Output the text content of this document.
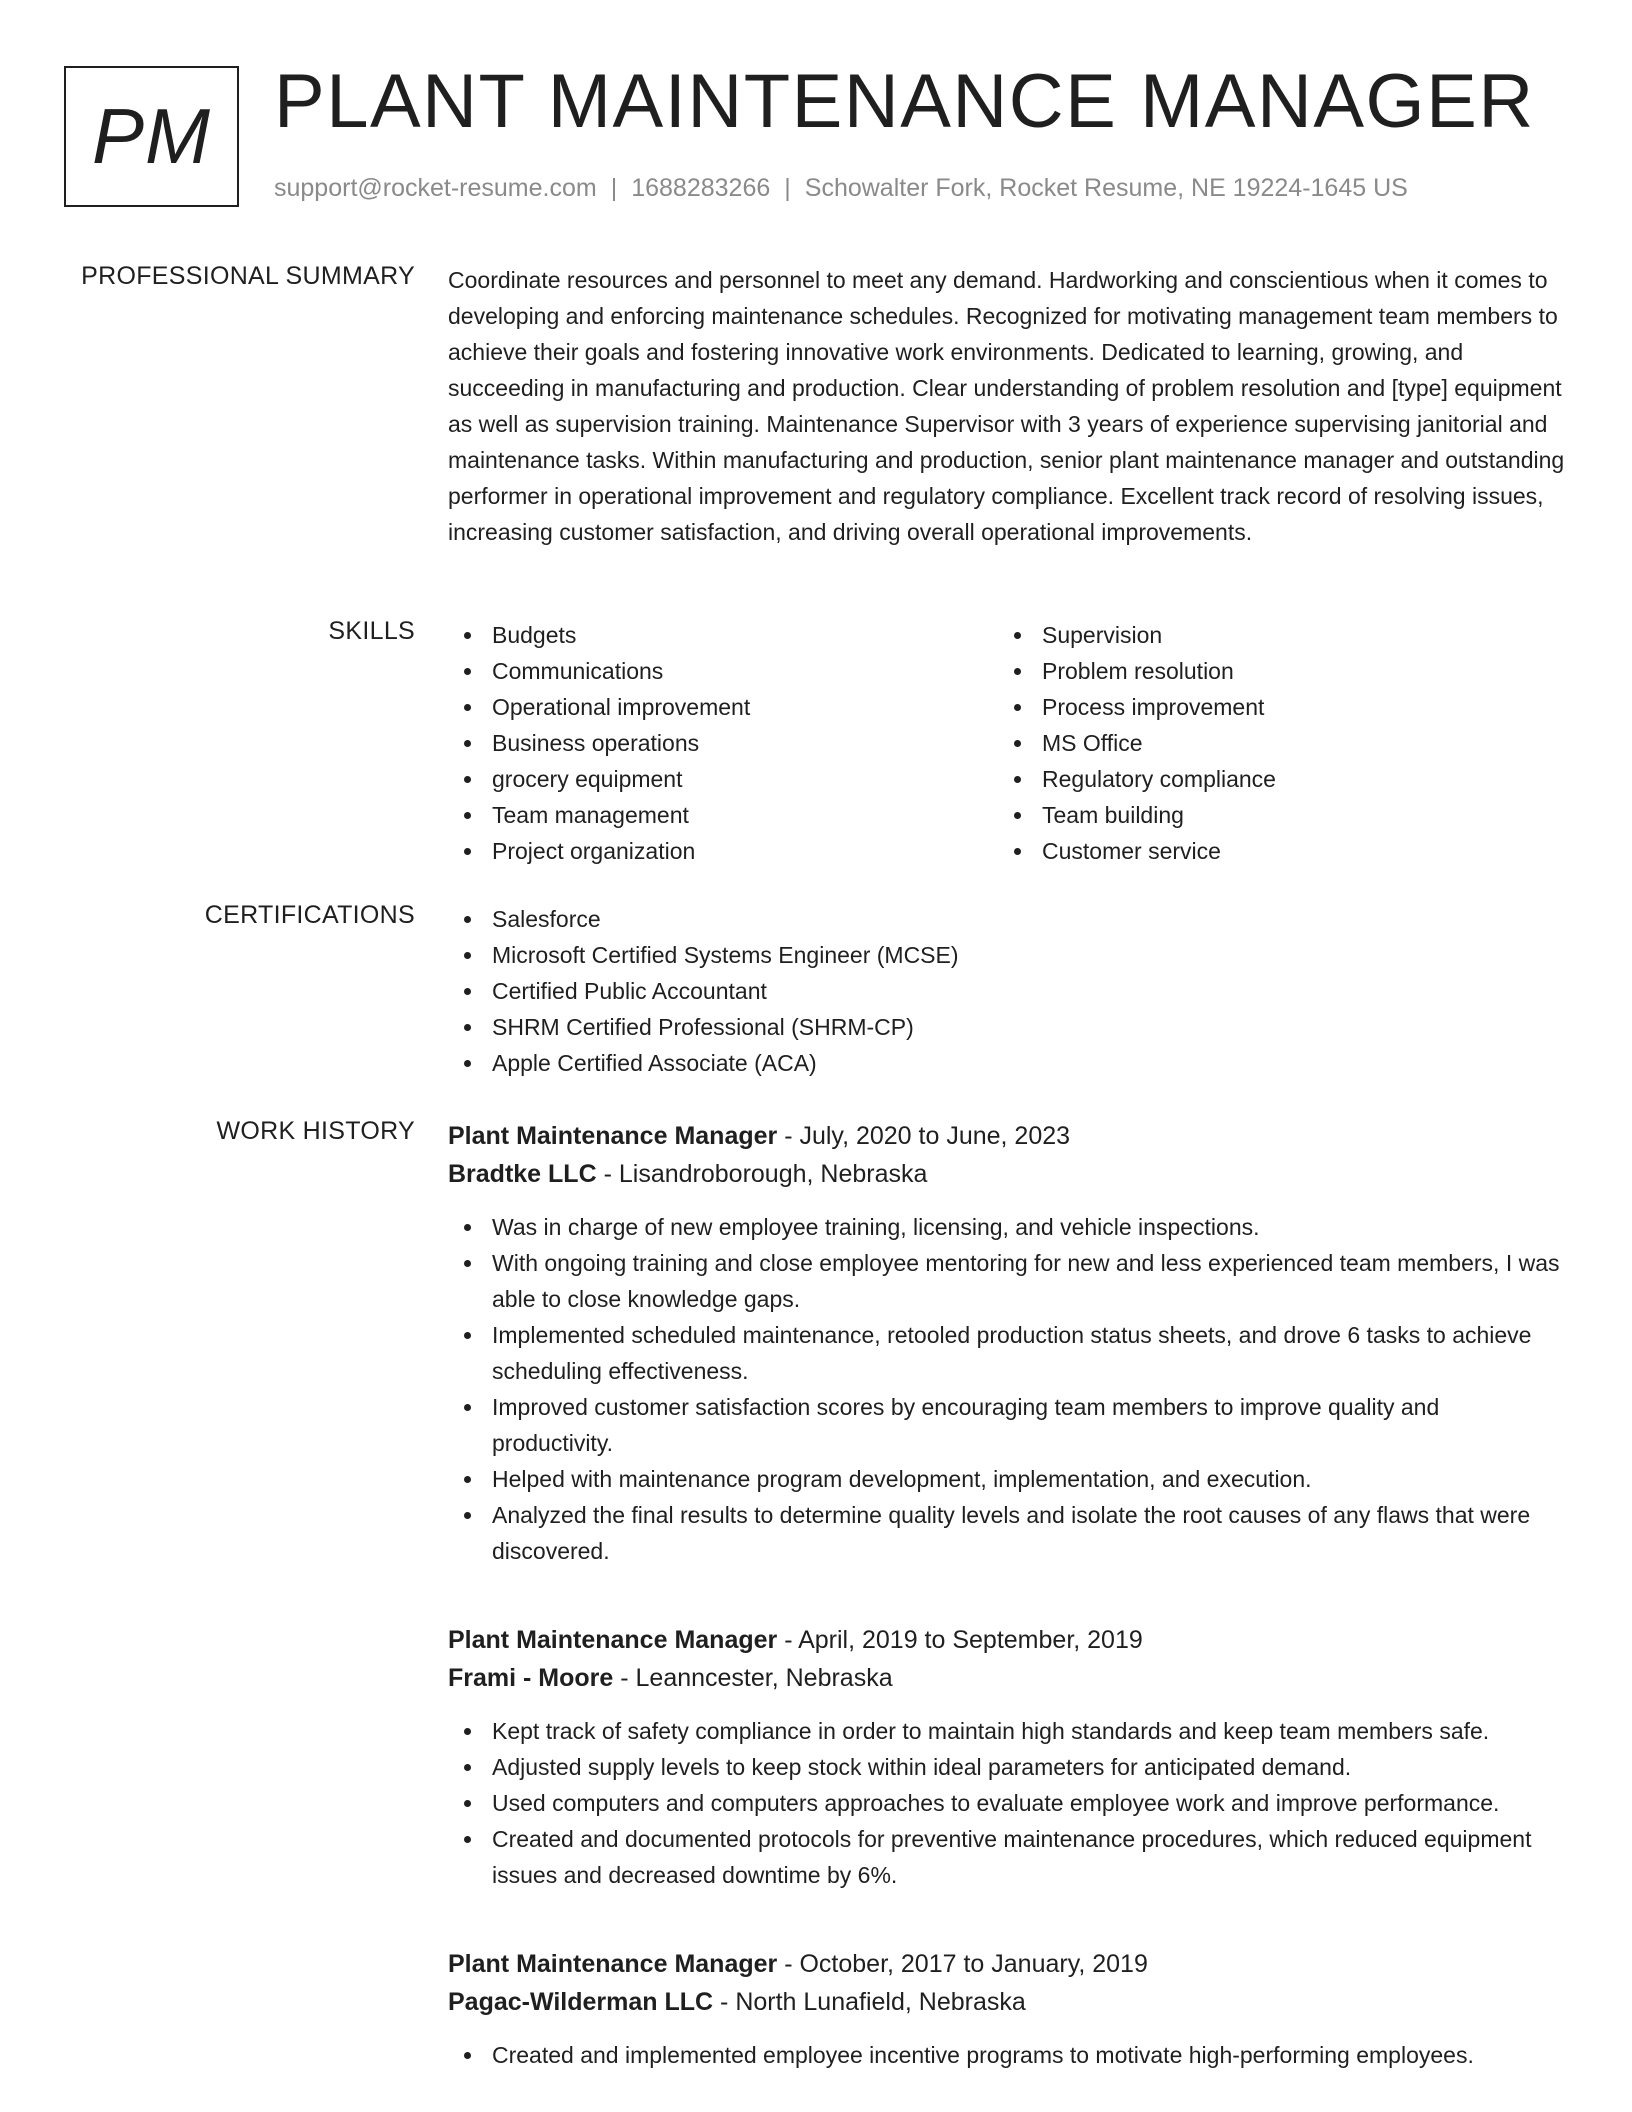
PM PLANT MAINTENANCE MANAGER
support@rocket-resume.com | 1688283266 | Schowalter Fork, Rocket Resume, NE 19224-1645 US
PROFESSIONAL SUMMARY Coordinate resources and personnel to meet any demand. Hardworking and conscientious when it comes to developing and enforcing maintenance schedules. Recognized for motivating management team members to achieve their goals and fostering innovative work environments. Dedicated to learning, growing, and succeeding in manufacturing and production. Clear understanding of problem resolution and [type] equipment as well as supervision training. Maintenance Supervisor with 3 years of experience supervising janitorial and maintenance tasks. Within manufacturing and production, senior plant maintenance manager and outstanding performer in operational improvement and regulatory compliance. Excellent track record of resolving issues, increasing customer satisfaction, and driving overall operational improvements.

SKILLS	Budgets
Communications
Operational improvement
Business operations
grocery equipment
Team management
Project organization
Supervision
Problem resolution
Process improvement
MS Office
Regulatory compliance
Team building
Customer service
CERTIFICATIONS	Salesforce
Microsoft Certified Systems Engineer (MCSE)
Certified Public Accountant
SHRM Certified Professional (SHRM-CP)
Apple Certified Associate (ACA)
WORK HISTORY Plant Maintenance Manager - July, 2020 to June, 2023
Bradtke LLC - Lisandroborough, Nebraska
Was in charge of new employee training, licensing, and vehicle inspections.
With ongoing training and close employee mentoring for new and less experienced team members, I was able to close knowledge gaps.
Implemented scheduled maintenance, retooled production status sheets, and drove 6 tasks to achieve scheduling effectiveness.
Improved customer satisfaction scores by encouraging team members to improve quality and productivity.
Helped with maintenance program development, implementation, and execution.
Analyzed the final results to determine quality levels and isolate the root causes of any flaws that were discovered.
Plant Maintenance Manager - April, 2019 to September, 2019
Frami - Moore - Leanncester, Nebraska
Kept track of safety compliance in order to maintain high standards and keep team members safe.
Adjusted supply levels to keep stock within ideal parameters for anticipated demand.
Used computers and computers approaches to evaluate employee work and improve performance.
Created and documented protocols for preventive maintenance procedures, which reduced equipment issues and decreased downtime by 6%.
Plant Maintenance Manager - October, 2017 to January, 2019
Pagac-Wilderman LLC - North Lunafield, Nebraska
Created and implemented employee incentive programs to motivate high-performing employees.
